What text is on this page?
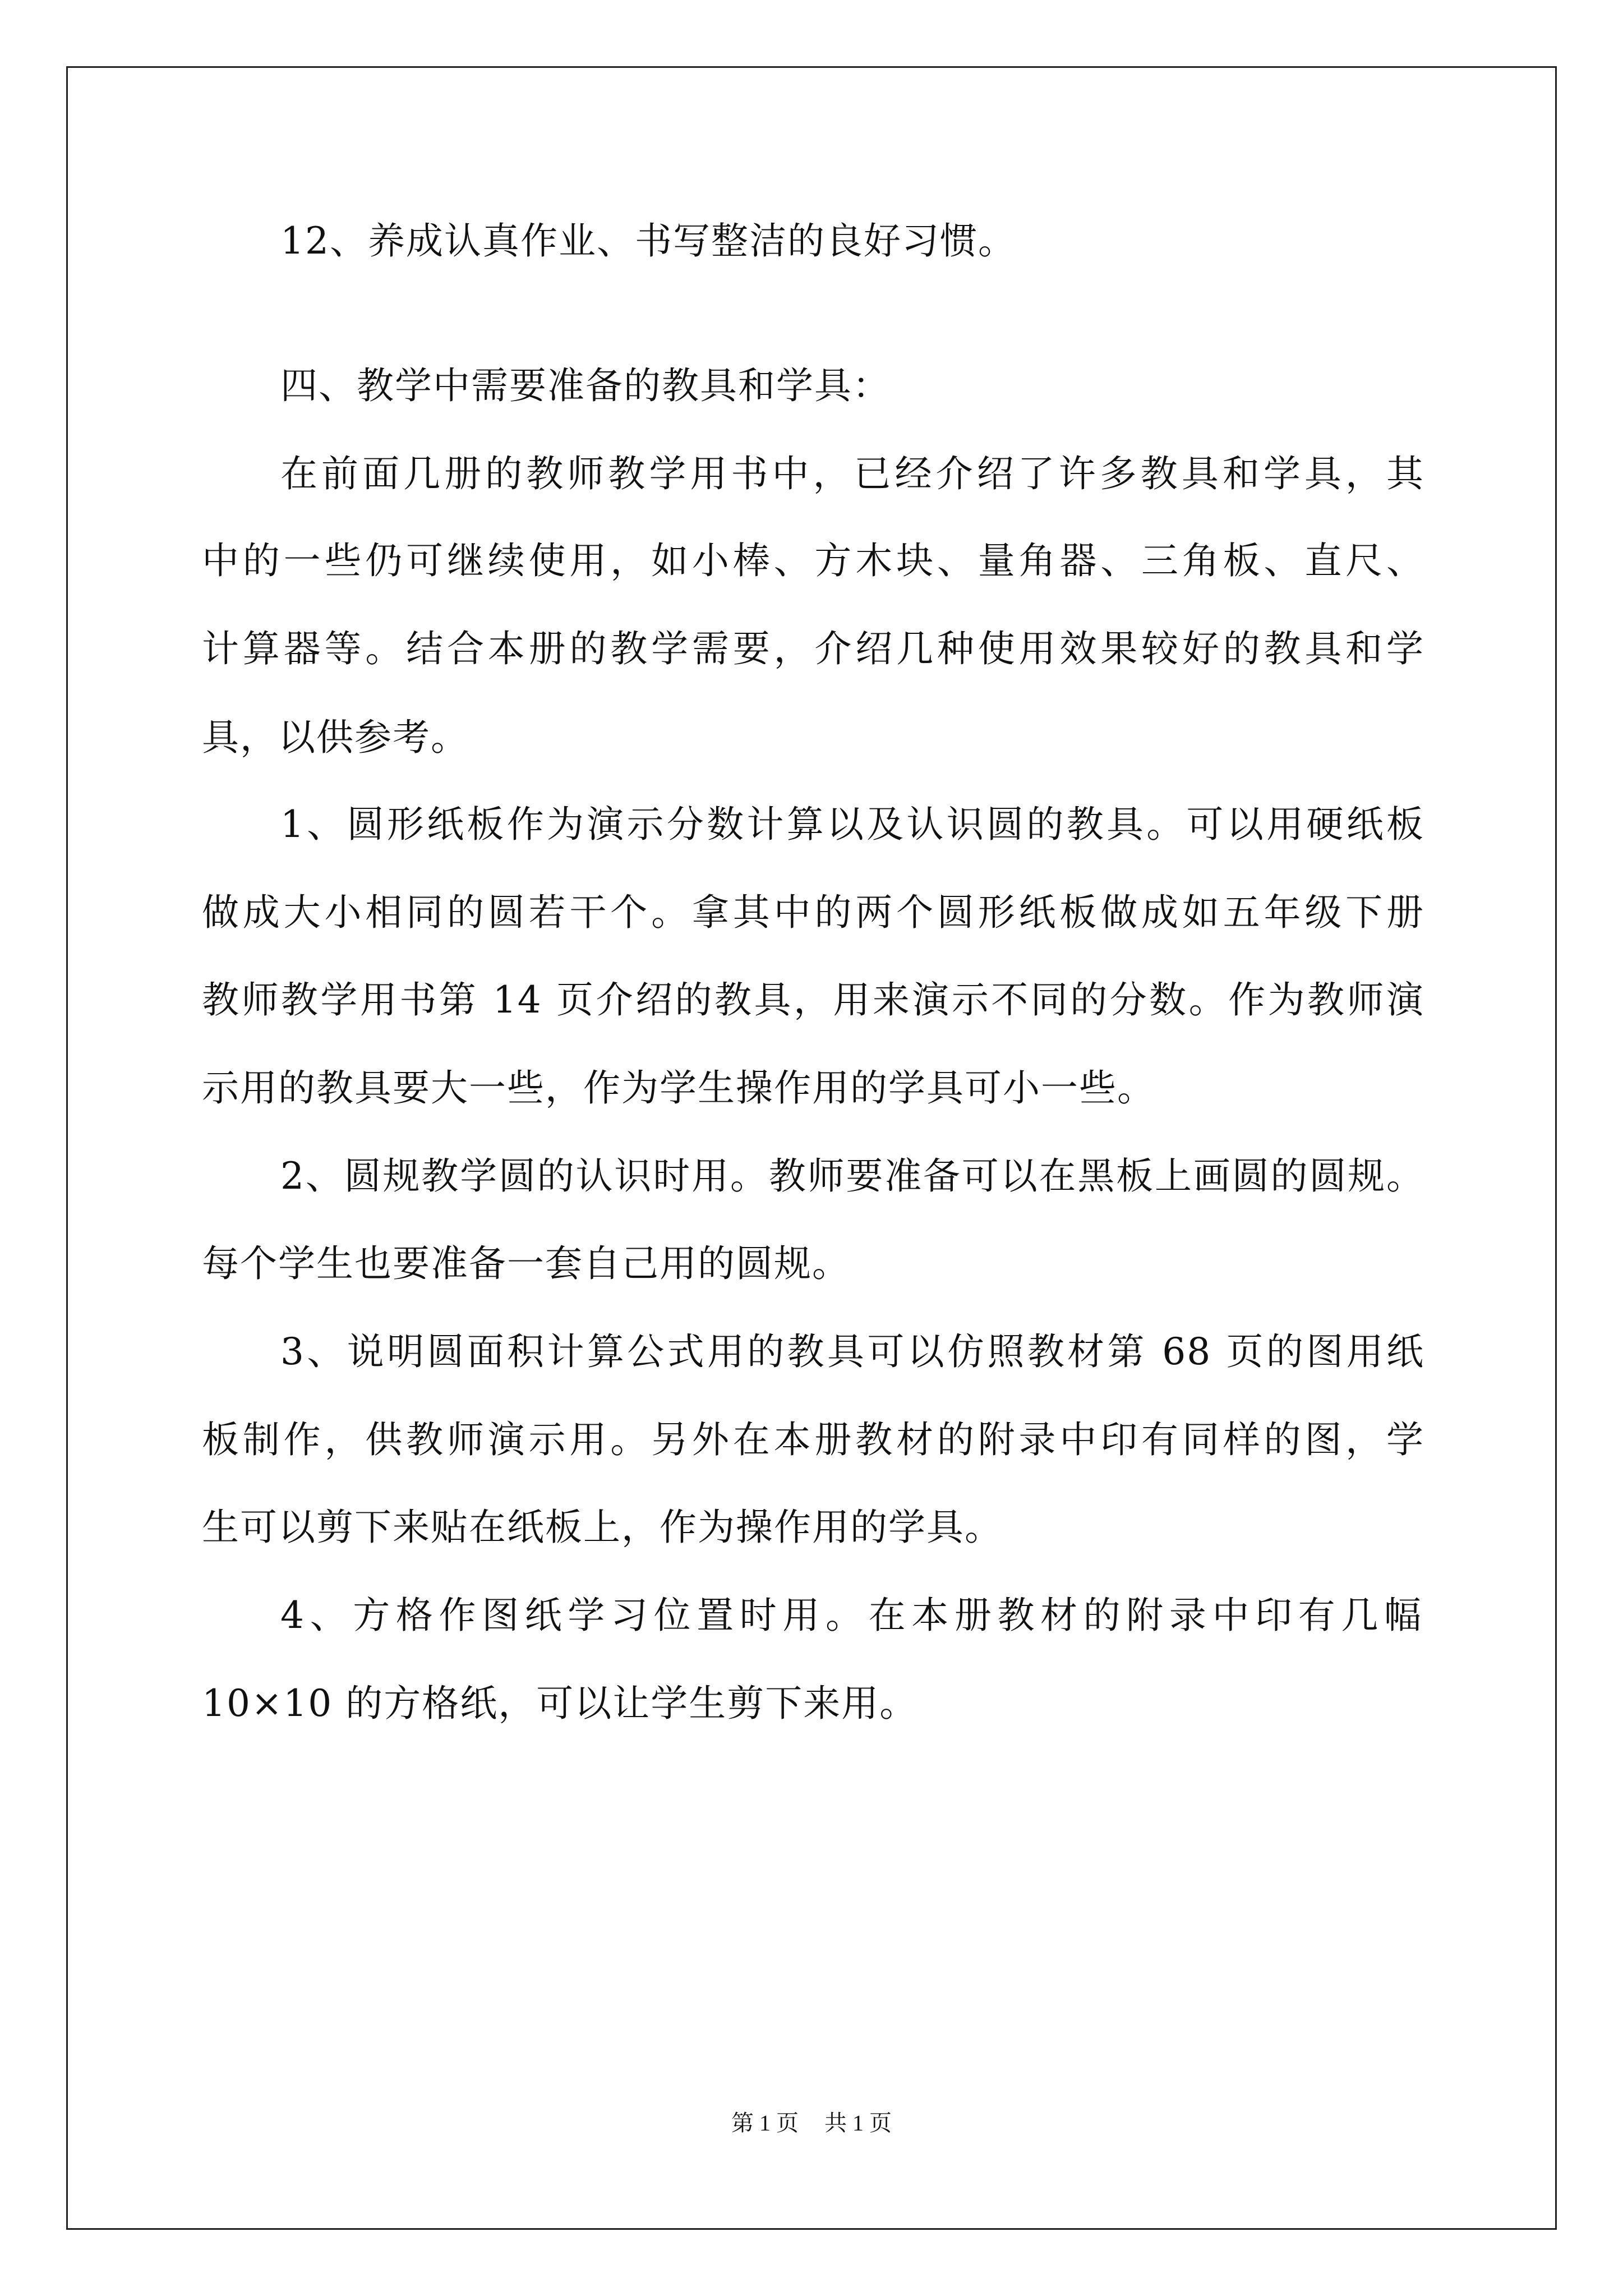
12、养成认真作业、书写整洁的良好习惯。
四、教学中需要准备的教具和学具：
在前面几册的教师教学用书中，已经介绍了许多教具和学具，其
中的一些仍可继续使用，如小棒、方木块、量角器、三角板、直尺、
计算器等。结合本册的教学需要，介绍几种使用效果较好的教具和学
具，以供参考。
1、圆形纸板作为演示分数计算以及认识圆的教具。可以用硬纸板
做成大小相同的圆若干个。拿其中的两个圆形纸板做成如五年级下册
教师教学用书第 14 页介绍的教具，用来演示不同的分数。作为教师演
示用的教具要大一些，作为学生操作用的学具可小一些。
2、圆规教学圆的认识时用。教师要准备可以在黑板上画圆的圆规。
每个学生也要准备一套自己用的圆规。
3、说明圆面积计算公式用的教具可以仿照教材第 68 页的图用纸
板制作，供教师演示用。另外在本册教材的附录中印有同样的图，学
生可以剪下来贴在纸板上，作为操作用的学具。
4、方格作图纸学习位置时用。在本册教材的附录中印有几幅
10×10 的方格纸，可以让学生剪下来用。
第 1 页 共 1 页
